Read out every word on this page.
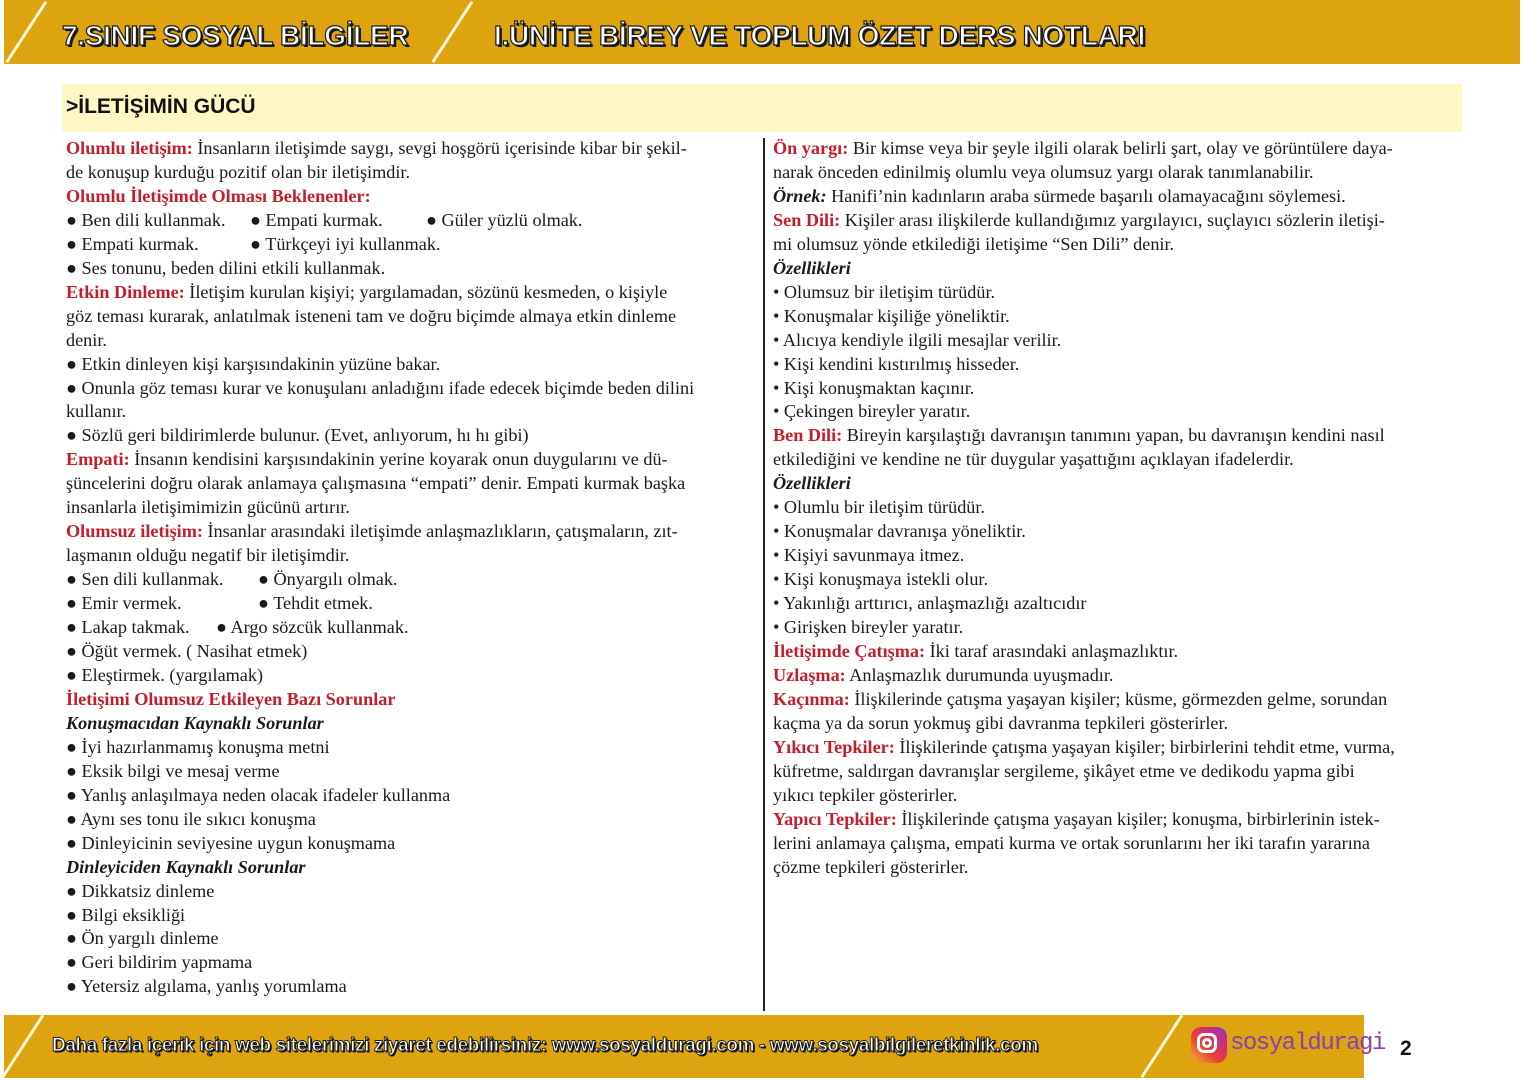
7.SINIF SOSYAL BİLGİLER	I.ÜNİTE BİREY VE TOPLUM ÖZET DERS NOTLARI
>İLETİŞİMİN GÜCÜ
Olumlu iletişim: İnsanların iletişimde saygı, sevgi hoşgörü içerisinde kibar bir şekil-
de konuşup kurduğu pozitif olan bir iletişimdir.
Olumlu İletişimde Olması Beklenenler:
● Ben dili kullanmak. ● Empati kurmak. ● Güler yüzlü olmak.
● Empati kurmak.	● Türkçeyi iyi kullanmak.
● Ses tonunu, beden dilini etkili kullanmak.
Etkin Dinleme: İletişim kurulan kişiyi; yargılamadan, sözünü kesmeden, o kişiyle
göz teması kurarak, anlatılmak isteneni tam ve doğru biçimde almaya etkin dinleme
denir.
● Etkin dinleyen kişi karşısındakinin yüzüne bakar.
● Onunla göz teması kurar ve konuşulanı anladığını ifade edecek biçimde beden dilini
kullanır.
● Sözlü geri bildirimlerde bulunur. (Evet, anlıyorum, hı hı gibi)
Empati: İnsanın kendisini karşısındakinin yerine koyarak onun duygularını ve dü-
şüncelerini doğru olarak anlamaya çalışmasına “empati” denir. Empati kurmak başka
insanlarla iletişimimizin gücünü artırır.
Olumsuz iletişim: İnsanlar arasındaki iletişimde anlaşmazlıkların, çatışmaların, zıt-
laşmanın olduğu negatif bir iletişimdir.
● Sen dili kullanmak. ● Önyargılı olmak.
● Emir vermek.	● Tehdit etmek.
● Lakap takmak. ● Argo sözcük kullanmak.
● Öğüt vermek. ( Nasihat etmek)
● Eleştirmek. (yargılamak)
İletişimi Olumsuz Etkileyen Bazı Sorunlar
Konuşmacıdan Kaynaklı Sorunlar
● İyi hazırlanmamış konuşma metni
● Eksik bilgi ve mesaj verme
● Yanlış anlaşılmaya neden olacak ifadeler kullanma
● Aynı ses tonu ile sıkıcı konuşma
● Dinleyicinin seviyesine uygun konuşmama
Dinleyiciden Kaynaklı Sorunlar
● Dikkatsiz dinleme
● Bilgi eksikliği
● Ön yargılı dinleme
● Geri bildirim yapmama
● Yetersiz algılama, yanlış yorumlama
Ön yargı: Bir kimse veya bir şeyle ilgili olarak belirli şart, olay ve görüntülere daya-
narak önceden edinilmiş olumlu veya olumsuz yargı olarak tanımlanabilir.
Örnek: Hanifi’nin kadınların araba sürmede başarılı olamayacağını söylemesi.
Sen Dili: Kişiler arası ilişkilerde kullandığımız yargılayıcı, suçlayıcı sözlerin iletişi-
mi olumsuz yönde etkilediği iletişime “Sen Dili” denir.
Özellikleri
• Olumsuz bir iletişim türüdür.
• Konuşmalar kişiliğe yöneliktir.
• Alıcıya kendiyle ilgili mesajlar verilir.
• Kişi kendini kıstırılmış hisseder.
• Kişi konuşmaktan kaçınır.
• Çekingen bireyler yaratır.
Ben Dili: Bireyin karşılaştığı davranışın tanımını yapan, bu davranışın kendini nasıl
etkilediğini ve kendine ne tür duygular yaşattığını açıklayan ifadelerdir.
Özellikleri
• Olumlu bir iletişim türüdür.
• Konuşmalar davranışa yöneliktir.
• Kişiyi savunmaya itmez.
• Kişi konuşmaya istekli olur.
• Yakınlığı arttırıcı, anlaşmazlığı azaltıcıdır
• Girişken bireyler yaratır.
İletişimde Çatışma: İki taraf arasındaki anlaşmazlıktır.
Uzlaşma: Anlaşmazlık durumunda uyuşmadır.
Kaçınma: İlişkilerinde çatışma yaşayan kişiler; küsme, görmezden gelme, sorundan
kaçma ya da sorun yokmuş gibi davranma tepkileri gösterirler.
Yıkıcı Tepkiler: İlişkilerinde çatışma yaşayan kişiler; birbirlerini tehdit etme, vurma,
küfretme, saldırgan davranışlar sergileme, şikâyet etme ve dedikodu yapma gibi
yıkıcı tepkiler gösterirler.
Yapıcı Tepkiler: İlişkilerinde çatışma yaşayan kişiler; konuşma, birbirlerinin istek-
lerini anlamaya çalışma, empati kurma ve ortak sorunlarını her iki tarafın yararına
çözme tepkileri gösterirler.
Daha fazla içerik için web sitelerimizi ziyaret edebilirsiniz: www.sosyalduragi.com - www.sosyalbilgileretkinlik.com	sosyalduragi 2
